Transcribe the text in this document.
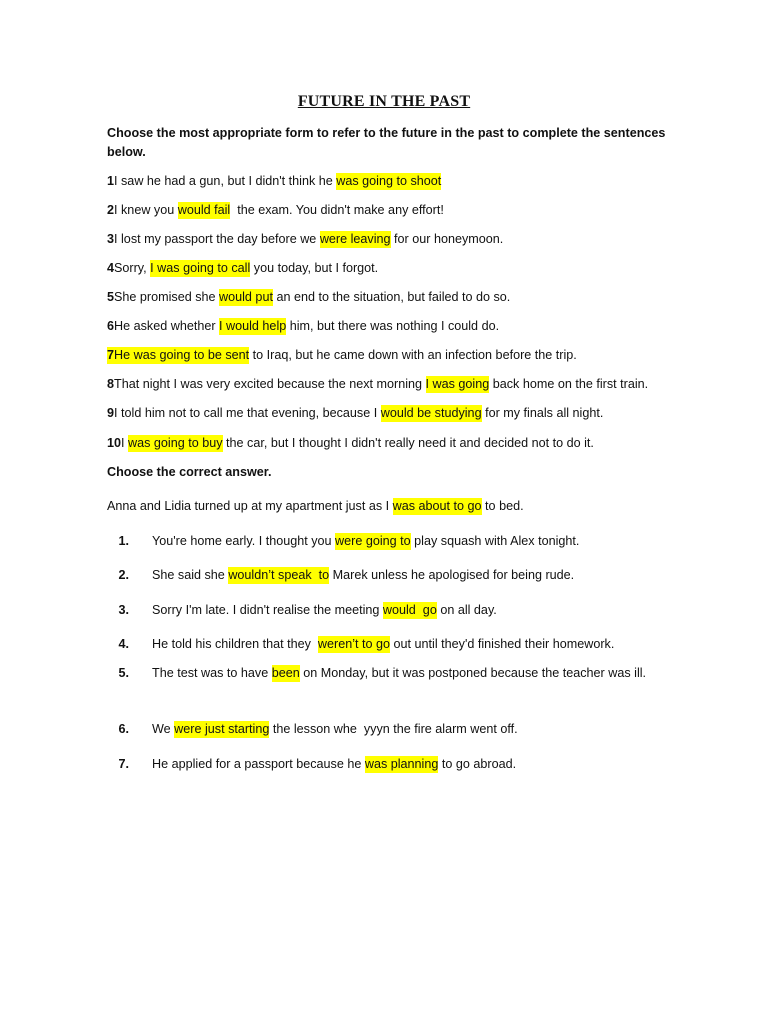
FUTURE IN THE PAST
Choose the most appropriate form to refer to the future in the past to complete the sentences below.
1I saw he had a gun, but I didn't think he was going to shoot
2I knew you would fail  the exam. You didn't make any effort!
3I lost my passport the day before we were leaving for our honeymoon.
4Sorry, I was going to call you today, but I forgot.
5She promised she would put an end to the situation, but failed to do so.
6He asked whether I would help him, but there was nothing I could do.
7He was going to be sent to Iraq, but he came down with an infection before the trip.
8That night I was very excited because the next morning I was going back home on the first train.
9I told him not to call me that evening, because I would be studying for my finals all night.
10I was going to buy the car, but I thought I didn't really need it and decided not to do it.
Choose the correct answer.
Anna and Lidia turned up at my apartment just as I was about to go to bed.
1. You're home early. I thought you were going to play squash with Alex tonight.
2. She said she wouldn’t speak  to Marek unless he apologised for being rude.
3. Sorry I'm late. I didn't realise the meeting would  go on all day.
4. He told his children that they  weren’t to go out until they'd finished their homework.
5. The test was to have been on Monday, but it was postponed because the teacher was ill.
6. We were just starting the lesson whe  yyyn the fire alarm went off.
7. He applied for a passport because he was planning to go abroad.
